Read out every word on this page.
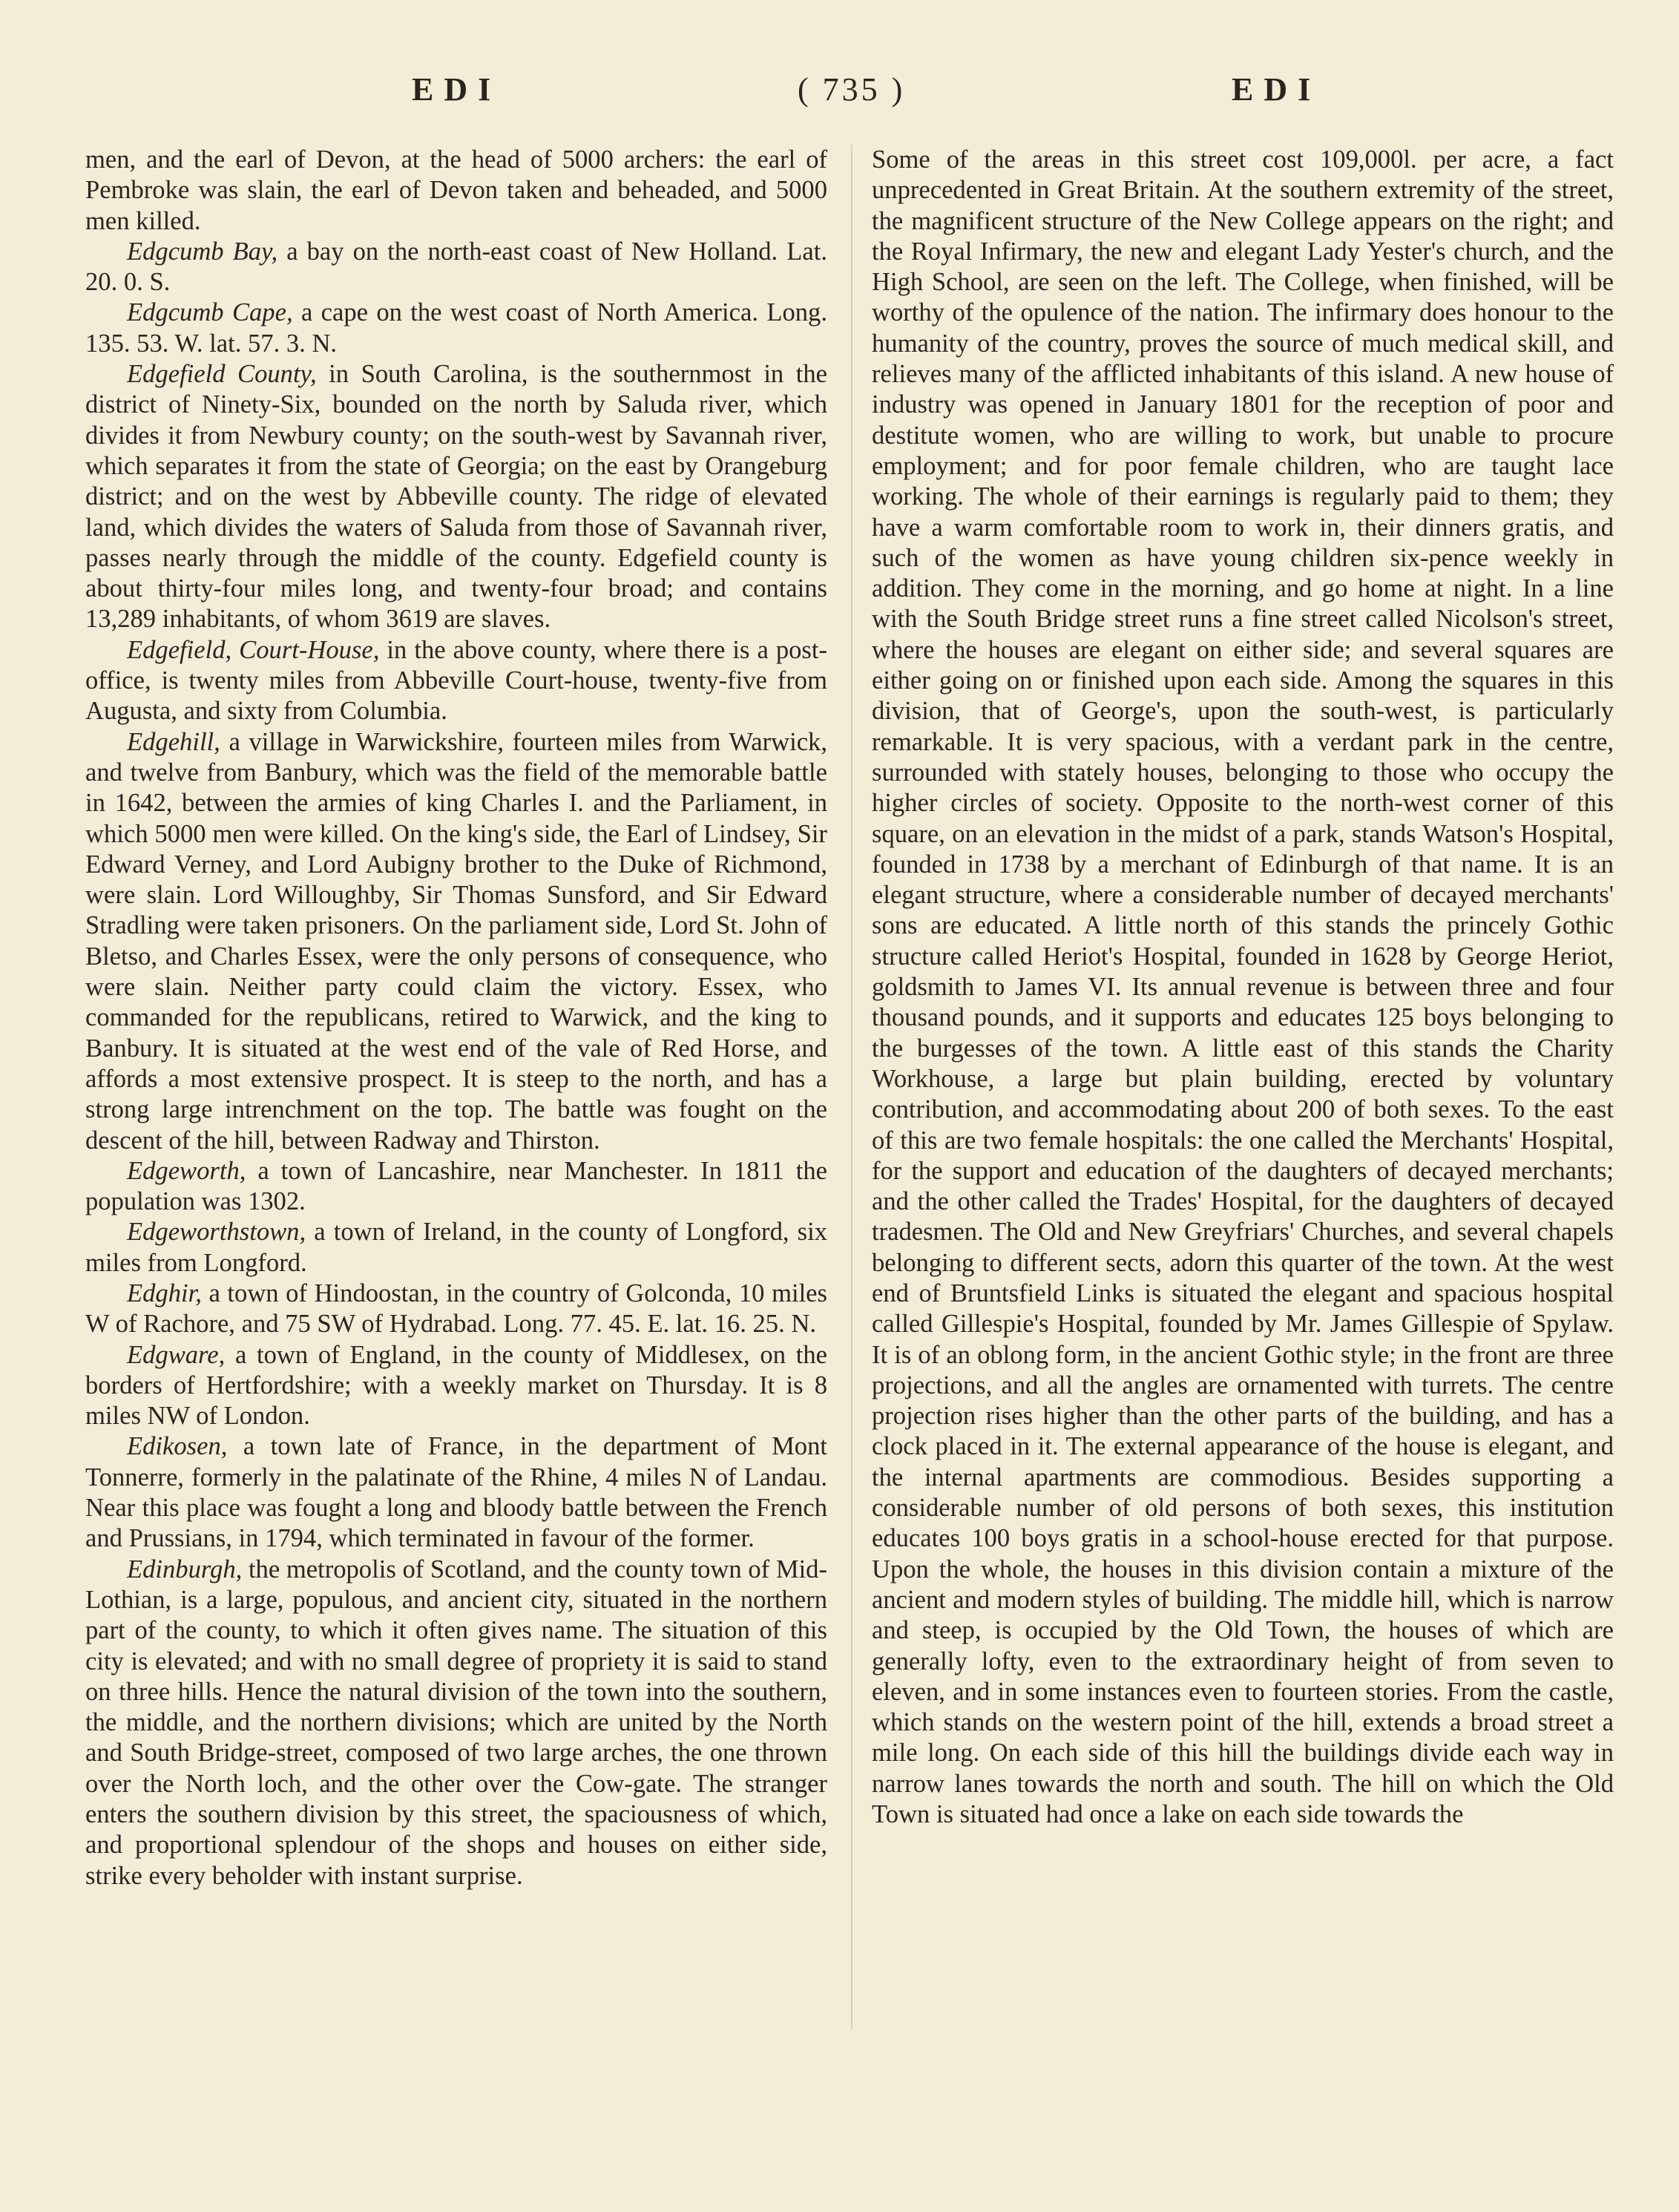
EDI	( 735 )	EDI

men, and the earl of Devon, at the head of 5000 archers: the earl of Pembroke was slain, the earl of Devon taken and beheaded, and 5000 men killed.

Edgcumb Bay, a bay on the north-east coast of New Holland. Lat. 20. 0. S.

Edgcumb Cape, a cape on the west coast of North America. Long. 135. 53. W. lat. 57. 3. N.

Edgefield County, in South Carolina, is the southernmost in the district of Ninety-Six, bounded on the north by Saluda river, which divides it from Newbury county; on the south-west by Savannah river, which separates it from the state of Georgia; on the east by Orangeburg district; and on the west by Abbeville county. The ridge of elevated land, which divides the waters of Saluda from those of Savannah river, passes nearly through the middle of the county. Edgefield county is about thirty-four miles long, and twenty-four broad; and contains 13,289 inhabitants, of whom 3619 are slaves.

Edgefield, Court-House, in the above county, where there is a post-office, is twenty miles from Abbeville Court-house, twenty-five from Augusta, and sixty from Columbia.

Edgehill, a village in Warwickshire, fourteen miles from Warwick, and twelve from Banbury, which was the field of the memorable battle in 1642, between the armies of king Charles I. and the Parliament, in which 5000 men were killed. On the king's side, the Earl of Lindsey, Sir Edward Verney, and Lord Aubigny brother to the Duke of Richmond, were slain. Lord Willoughby, Sir Thomas Sunsford, and Sir Edward Stradling were taken prisoners. On the parliament side, Lord St. John of Bletso, and Charles Essex, were the only persons of consequence, who were slain. Neither party could claim the victory. Essex, who commanded for the republicans, retired to Warwick, and the king to Banbury. It is situated at the west end of the vale of Red Horse, and affords a most extensive prospect. It is steep to the north, and has a strong large intrenchment on the top. The battle was fought on the descent of the hill, between Radway and Thirston.

Edgeworth, a town of Lancashire, near Manchester. In 1811 the population was 1302.

Edgeworthstown, a town of Ireland, in the county of Longford, six miles from Longford.

Edghir, a town of Hindoostan, in the country of Golconda, 10 miles W of Rachore, and 75 SW of Hydrabad. Long. 77. 45. E. lat. 16. 25. N.

Edgware, a town of England, in the county of Middlesex, on the borders of Hertfordshire; with a weekly market on Thursday. It is 8 miles NW of London.

Edikosen, a town late of France, in the department of Mont Tonnerre, formerly in the palatinate of the Rhine, 4 miles N of Landau. Near this place was fought a long and bloody battle between the French and Prussians, in 1794, which terminated in favour of the former.

Edinburgh, the metropolis of Scotland, and the county town of Mid-Lothian, is a large, populous, and ancient city, situated in the northern part of the county, to which it often gives name. The situation of this city is elevated; and with no small degree of propriety it is said to stand on three hills. Hence the natural division of the town into the southern, the middle, and the northern divisions; which are united by the North and South Bridge-street, composed of two large arches, the one thrown over the North loch, and the other over the Cow-gate. The stranger enters the southern division by this street, the spaciousness of which, and proportional splendour of the shops and houses on either side, strike every beholder with instant surprise.

Some of the areas in this street cost 109,000l. per acre, a fact unprecedented in Great Britain. At the southern extremity of the street, the magnificent structure of the New College appears on the right; and the Royal Infirmary, the new and elegant Lady Yester's church, and the High School, are seen on the left. The College, when finished, will be worthy of the opulence of the nation. The infirmary does honour to the humanity of the country, proves the source of much medical skill, and relieves many of the afflicted inhabitants of this island. A new house of industry was opened in January 1801 for the reception of poor and destitute women, who are willing to work, but unable to procure employment; and for poor female children, who are taught lace working. The whole of their earnings is regularly paid to them; they have a warm comfortable room to work in, their dinners gratis, and such of the women as have young children six-pence weekly in addition. They come in the morning, and go home at night. In a line with the South Bridge street runs a fine street called Nicolson's street, where the houses are elegant on either side; and several squares are either going on or finished upon each side. Among the squares in this division, that of George's, upon the south-west, is particularly remarkable. It is very spacious, with a verdant park in the centre, surrounded with stately houses, belonging to those who occupy the higher circles of society. Opposite to the north-west corner of this square, on an elevation in the midst of a park, stands Watson's Hospital, founded in 1738 by a merchant of Edinburgh of that name. It is an elegant structure, where a considerable number of decayed merchants' sons are educated. A little north of this stands the princely Gothic structure called Heriot's Hospital, founded in 1628 by George Heriot, goldsmith to James VI. Its annual revenue is between three and four thousand pounds, and it supports and educates 125 boys belonging to the burgesses of the town. A little east of this stands the Charity Workhouse, a large but plain building, erected by voluntary contribution, and accommodating about 200 of both sexes. To the east of this are two female hospitals: the one called the Merchants' Hospital, for the support and education of the daughters of decayed merchants; and the other called the Trades' Hospital, for the daughters of decayed tradesmen. The Old and New Greyfriars' Churches, and several chapels belonging to different sects, adorn this quarter of the town. At the west end of Bruntsfield Links is situated the elegant and spacious hospital called Gillespie's Hospital, founded by Mr. James Gillespie of Spylaw. It is of an oblong form, in the ancient Gothic style; in the front are three projections, and all the angles are ornamented with turrets. The centre projection rises higher than the other parts of the building, and has a clock placed in it. The external appearance of the house is elegant, and the internal apartments are commodious. Besides supporting a considerable number of old persons of both sexes, this institution educates 100 boys gratis in a school-house erected for that purpose. Upon the whole, the houses in this division contain a mixture of the ancient and modern styles of building. The middle hill, which is narrow and steep, is occupied by the Old Town, the houses of which are generally lofty, even to the extraordinary height of from seven to eleven, and in some instances even to fourteen stories. From the castle, which stands on the western point of the hill, extends a broad street a mile long. On each side of this hill the buildings divide each way in narrow lanes towards the north and south. The hill on which the Old Town is situated had once a lake on each side towards the
